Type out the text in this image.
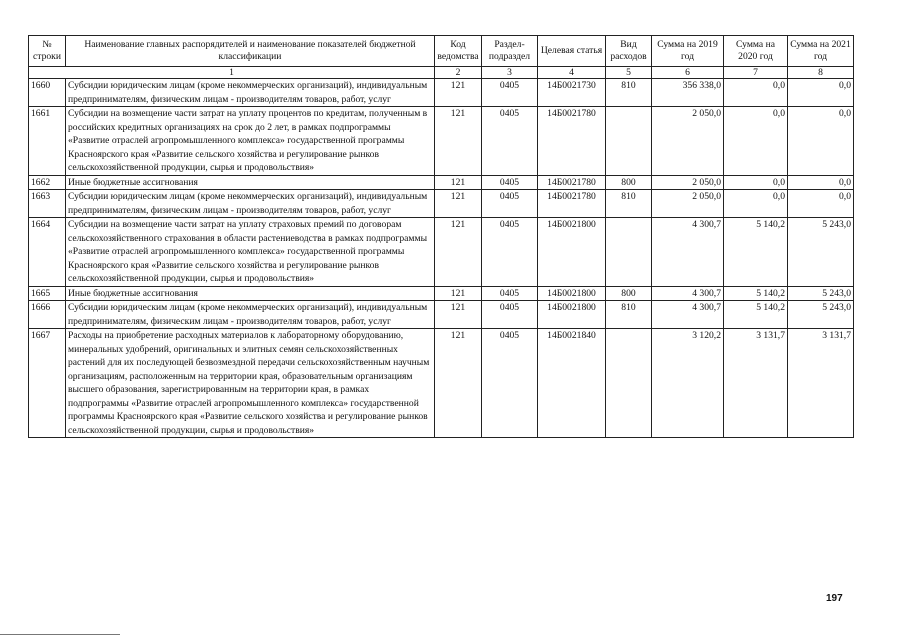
№ строки	Наименование главных распорядителей и наименование показателей бюджетной классификации	Код ведомства	Раздел-подраздел	Целевая статья	Вид расходов	Сумма на 2019 год	Сумма на 2020 год	Сумма на 2021 год
1		2	3	4	5	6	7	8
1660	Субсидии юридическим лицам (кроме некоммерческих организаций), индивидуальным предпринимателям, физическим лицам - производителям товаров, работ, услуг	121	0405	14Б0021730	810	356 338,0	0,0	0,0
1661	Субсидии на возмещение части затрат на уплату процентов по кредитам, полученным в российских кредитных организациях на срок до 2 лет, в рамках подпрограммы «Развитие отраслей агропромышленного комплекса» государственной программы Красноярского края «Развитие сельского хозяйства и регулирование рынков сельскохозяйственной продукции, сырья и продовольствия»	121	0405	14Б0021780		2 050,0	0,0	0,0
1662	Иные бюджетные ассигнования	121	0405	14Б0021780	800	2 050,0	0,0	0,0
1663	Субсидии юридическим лицам (кроме некоммерческих организаций), индивидуальным предпринимателям, физическим лицам - производителям товаров, работ, услуг	121	0405	14Б0021780	810	2 050,0	0,0	0,0
1664	Субсидии на возмещение части затрат на уплату страховых премий по договорам сельскохозяйственного страхования в области растениеводства в рамках подпрограммы «Развитие отраслей агропромышленного комплекса» государственной программы Красноярского края «Развитие сельского хозяйства и регулирование рынков сельскохозяйственной продукции, сырья и продовольствия»	121	0405	14Б0021800		4 300,7	5 140,2	5 243,0
1665	Иные бюджетные ассигнования	121	0405	14Б0021800	800	4 300,7	5 140,2	5 243,0
1666	Субсидии юридическим лицам (кроме некоммерческих организаций), индивидуальным предпринимателям, физическим лицам - производителям товаров, работ, услуг	121	0405	14Б0021800	810	4 300,7	5 140,2	5 243,0
1667	Расходы на приобретение расходных материалов к лабораторному оборудованию, минеральных удобрений, оригинальных и элитных семян сельскохозяйственных растений для их последующей безвозмездной передачи сельскохозяйственным научным организациям, расположенным на территории края, образовательным организациям высшего образования, зарегистрированным на территории края, в рамках подпрограммы «Развитие отраслей агропромышленного комплекса» государственной программы Красноярского края «Развитие сельского хозяйства и регулирование рынков сельскохозяйственной продукции, сырья и продовольствия»	121	0405	14Б0021840		3 120,2	3 131,7	3 131,7
197
